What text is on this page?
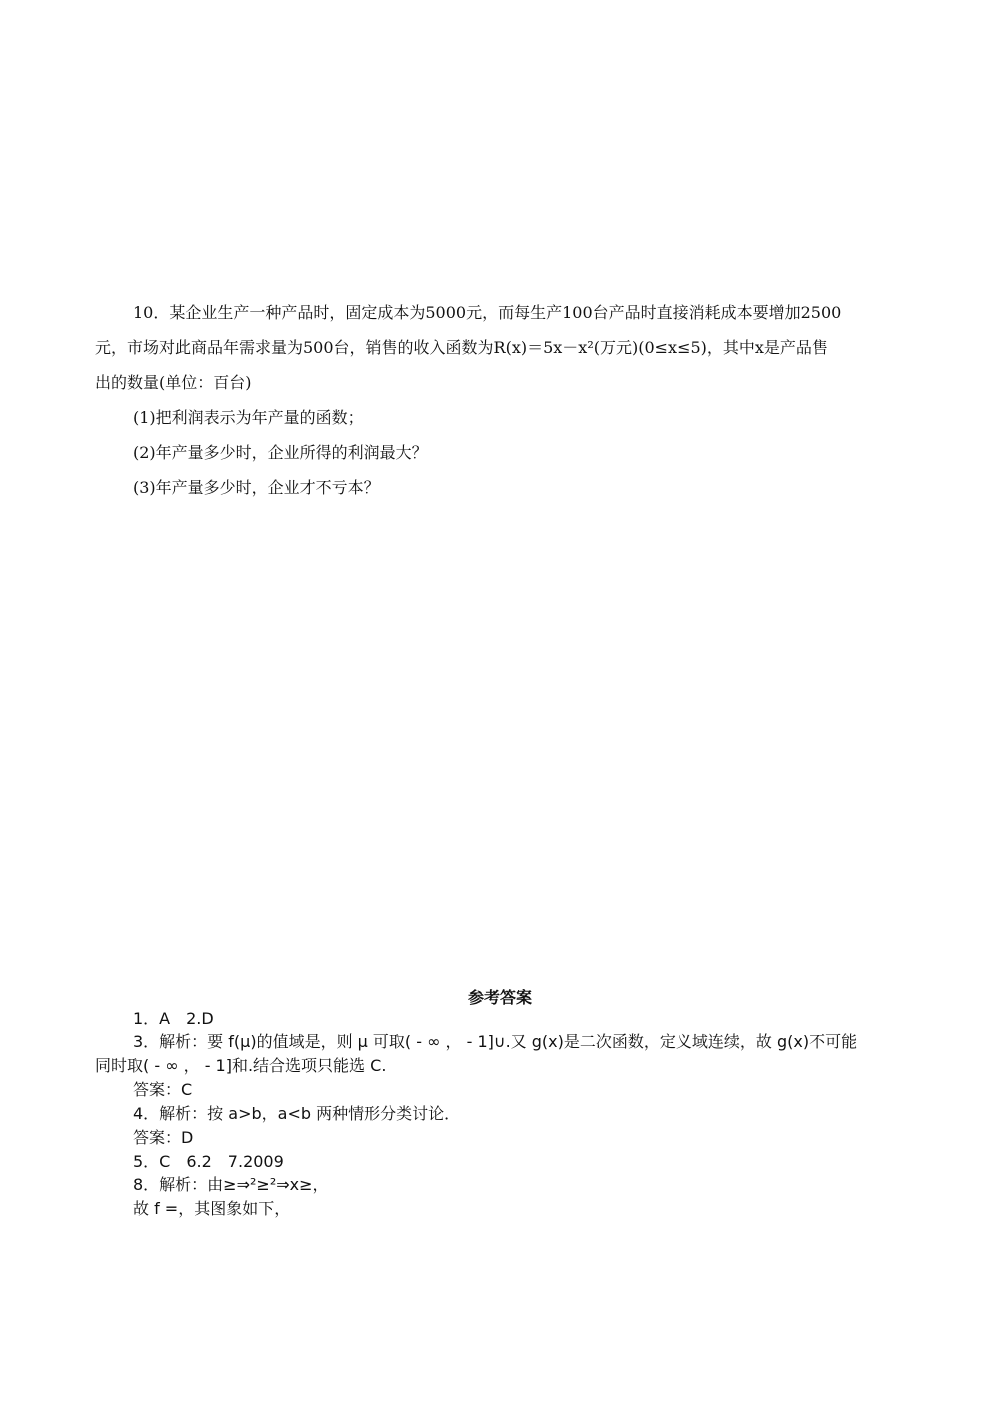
10．某企业生产一种产品时，固定成本为5000元，而每生产100台产品时直接消耗成本要增加2500
元，市场对此商品年需求量为500台，销售的收入函数为R(x)＝5x－x²(万元)(0≤x≤5)，其中x是产品售
出的数量(单位：百台)
(1)把利润表示为年产量的函数；
(2)年产量多少时，企业所得的利润最大？
(3)年产量多少时，企业才不亏本？
参考答案
1．A　2.D
3．解析：要 f(μ)的值域是，则 μ 可取( - ∞ ， - 1]∪.又 g(x)是二次函数，定义域连续，故 g(x)不可能
同时取( - ∞ ， - 1]和.结合选项只能选 C.
答案：C
4．解析：按 a>b，a<b 两种情形分类讨论．
答案：D
5．C　6.2　7.2009
8．解析：由≥⇒²≥²⇒x≥，
故 f =，其图象如下，
